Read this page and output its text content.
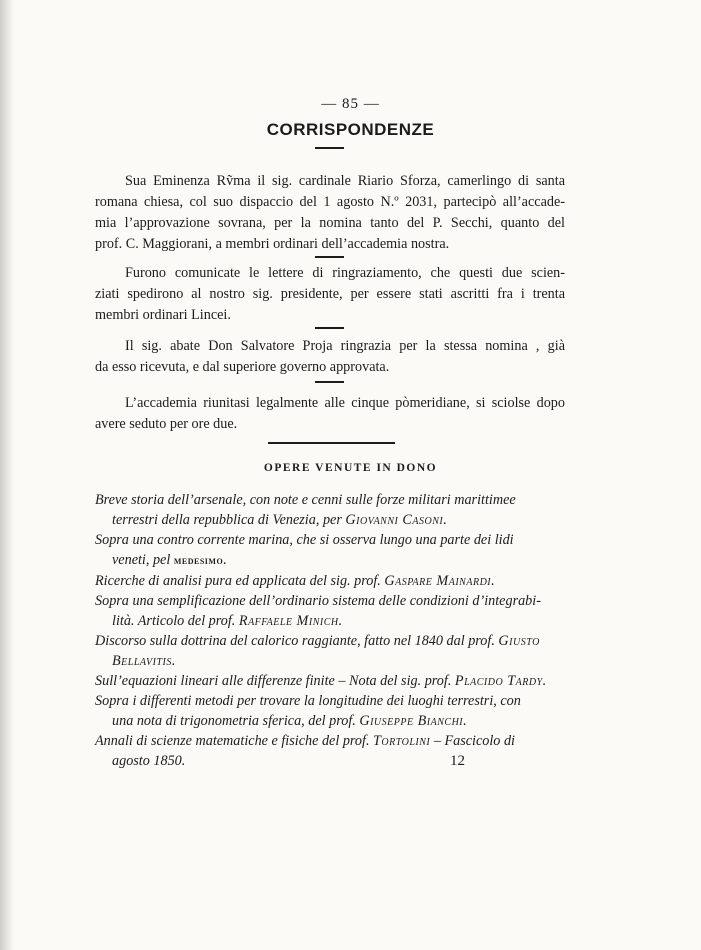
— 85 —
CORRISPONDENZE
Sua Eminenza Rṽma il sig. cardinale Riario Sforza, camerlingo di santa
romana chiesa, col suo dispaccio del 1 agosto N.º 2031, partecipò all’accade-
mia l’approvazione sovrana, per la nomina tanto del P. Secchi, quanto del
prof. C. Maggiorani, a membri ordinari dell’accademia nostra.
Furono comunicate le lettere di ringraziamento, che questi due scien-
ziati spedirono al nostro sig. presidente, per essere stati ascritti fra i trenta
membri ordinari Lincei.
Il sig. abate Don Salvatore Proja ringrazia per la stessa nomina , già
da esso ricevuta, e dal superiore governo approvata.
L’accademia riunitasi legalmente alle cinque pòmeridiane, si sciolse dopo
avere seduto per ore due.
OPERE VENUTE IN DONO
Breve storia dell’arsenale, con note e cenni sulle forze militari marittimee
terrestri della repubblica di Venezia, per Giovanni Casoni.
Sopra una contro corrente marina, che si osserva lungo una parte dei lidi
veneti, pel medesimo.
Ricerche di analisi pura ed applicata del sig. prof. Gaspare Mainardi.
Sopra una semplificazione dell’ordinario sistema delle condizioni d’integrabi-
lità. Articolo del prof. Raffaele Minich.
Discorso sulla dottrina del calorico raggiante, fatto nel 1840 dal prof. Giusto
Bellavitis.
Sull’equazioni lineari alle differenze finite – Nota del sig. prof. Placido Tardy.
Sopra i differenti metodi per trovare la longitudine dei luoghi terrestri, con
una nota di trigonometria sferica, del prof. Giuseppe Bianchi.
Annali di scienze matematiche e fisiche del prof. Tortolini – Fascicolo di
agosto 1850.	12
